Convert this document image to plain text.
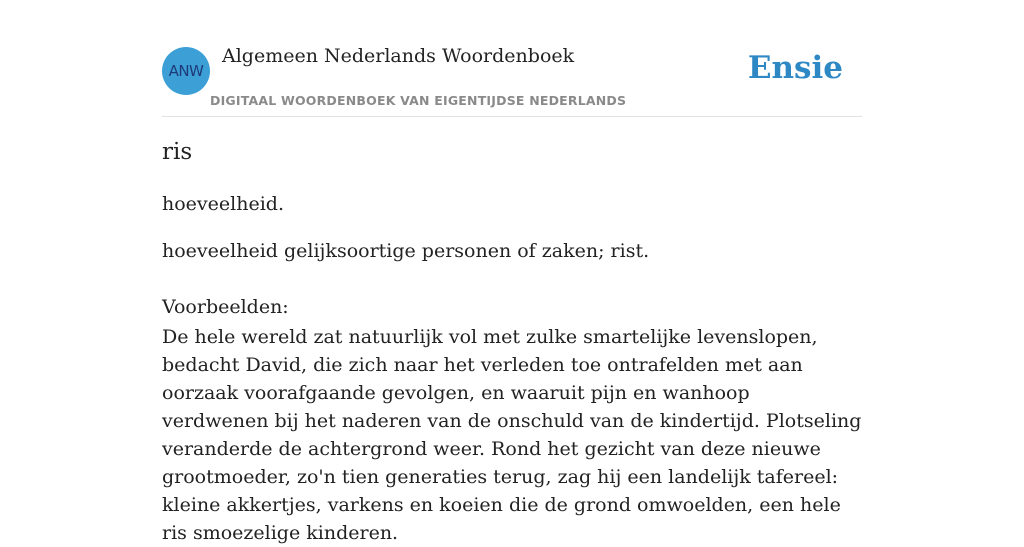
ANW
Algemeen Nederlands Woordenboek
DIGITAAL WOORDENBOEK VAN EIGENTIJDSE NEDERLANDS
Ensie
ris
hoeveelheid.
hoeveelheid gelijksoortige personen of zaken; rist.
Voorbeelden:
De hele wereld zat natuurlijk vol met zulke smartelijke levenslopen, bedacht David, die zich naar het verleden toe ontrafelden met aan oorzaak voorafgaande gevolgen, en waaruit pijn en wanhoop verdwenen bij het naderen van de onschuld van de kindertijd. Plotseling veranderde de achtergrond weer. Rond het gezicht van deze nieuwe grootmoeder, zo'n tien generaties terug, zag hij een landelijk tafereel: kleine akkertjes, varkens en koeien die de grond omwoelden, een hele ris smoezelige kinderen.
